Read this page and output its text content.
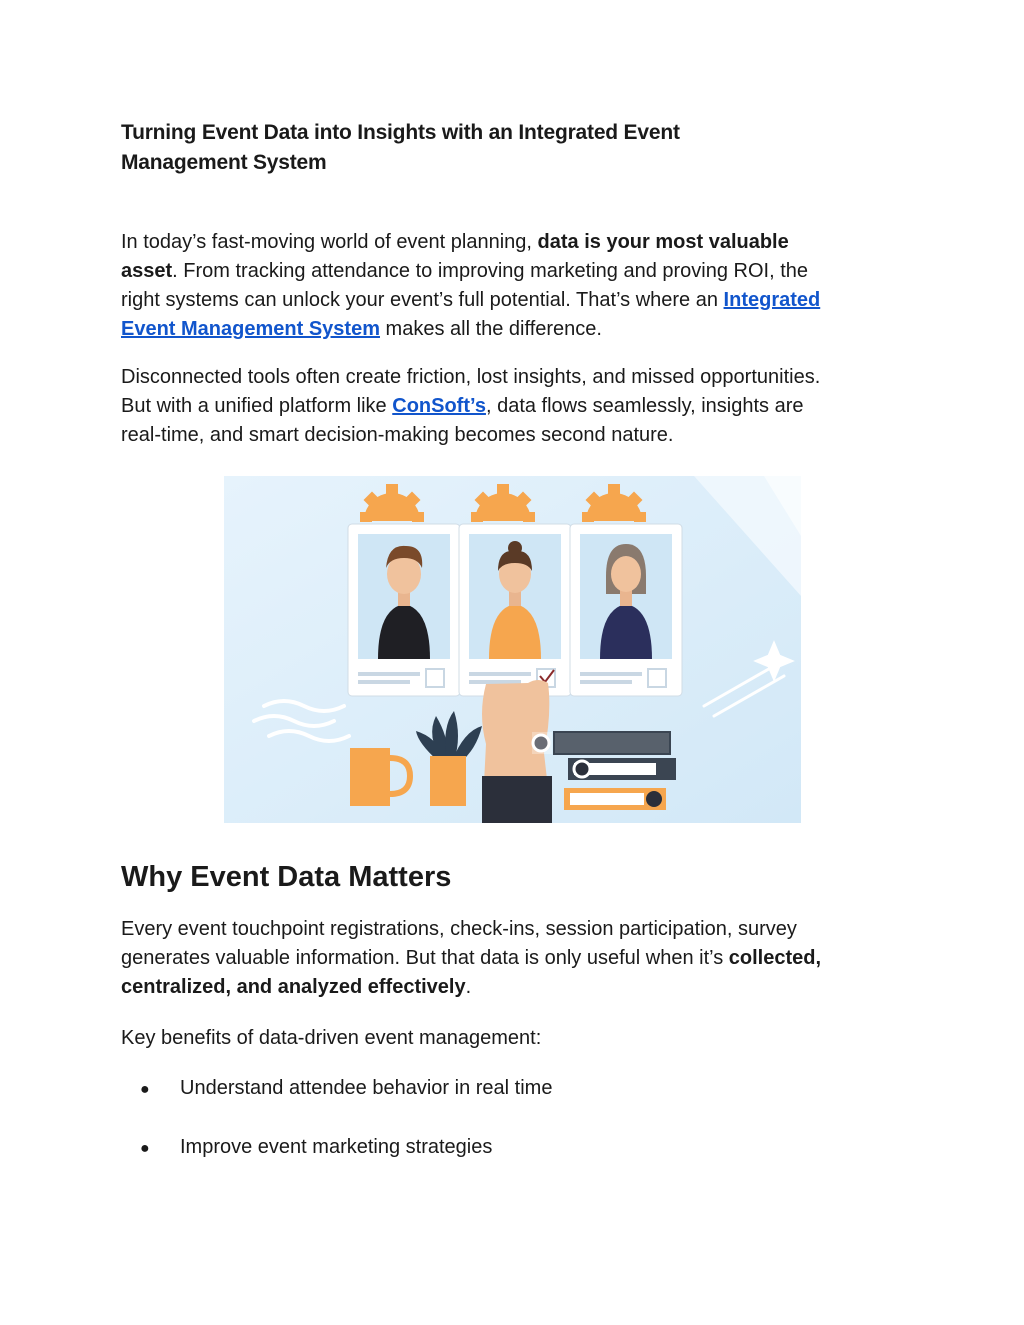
Turning Event Data into Insights with an Integrated Event
Management System

In today’s fast-moving world of event planning, data is your most valuable
asset. From tracking attendance to improving marketing and proving ROI, the
right systems can unlock your event’s full potential. That’s where an Integrated
Event Management System makes all the difference.

Disconnected tools often create friction, lost insights, and missed opportunities.
But with a unified platform like ConSoft’s, data flows seamlessly, insights are
real-time, and smart decision-making becomes second nature.

Every event touchpoint registrations, check-ins, session participation, survey
generates valuable information. But that data is only useful when it’s collected,
centralized, and analyzed effectively.

Key benefits of data-driven event management:

Why Event Data Matters
● Understand attendee behavior in real time
● Improve event marketing strategies
